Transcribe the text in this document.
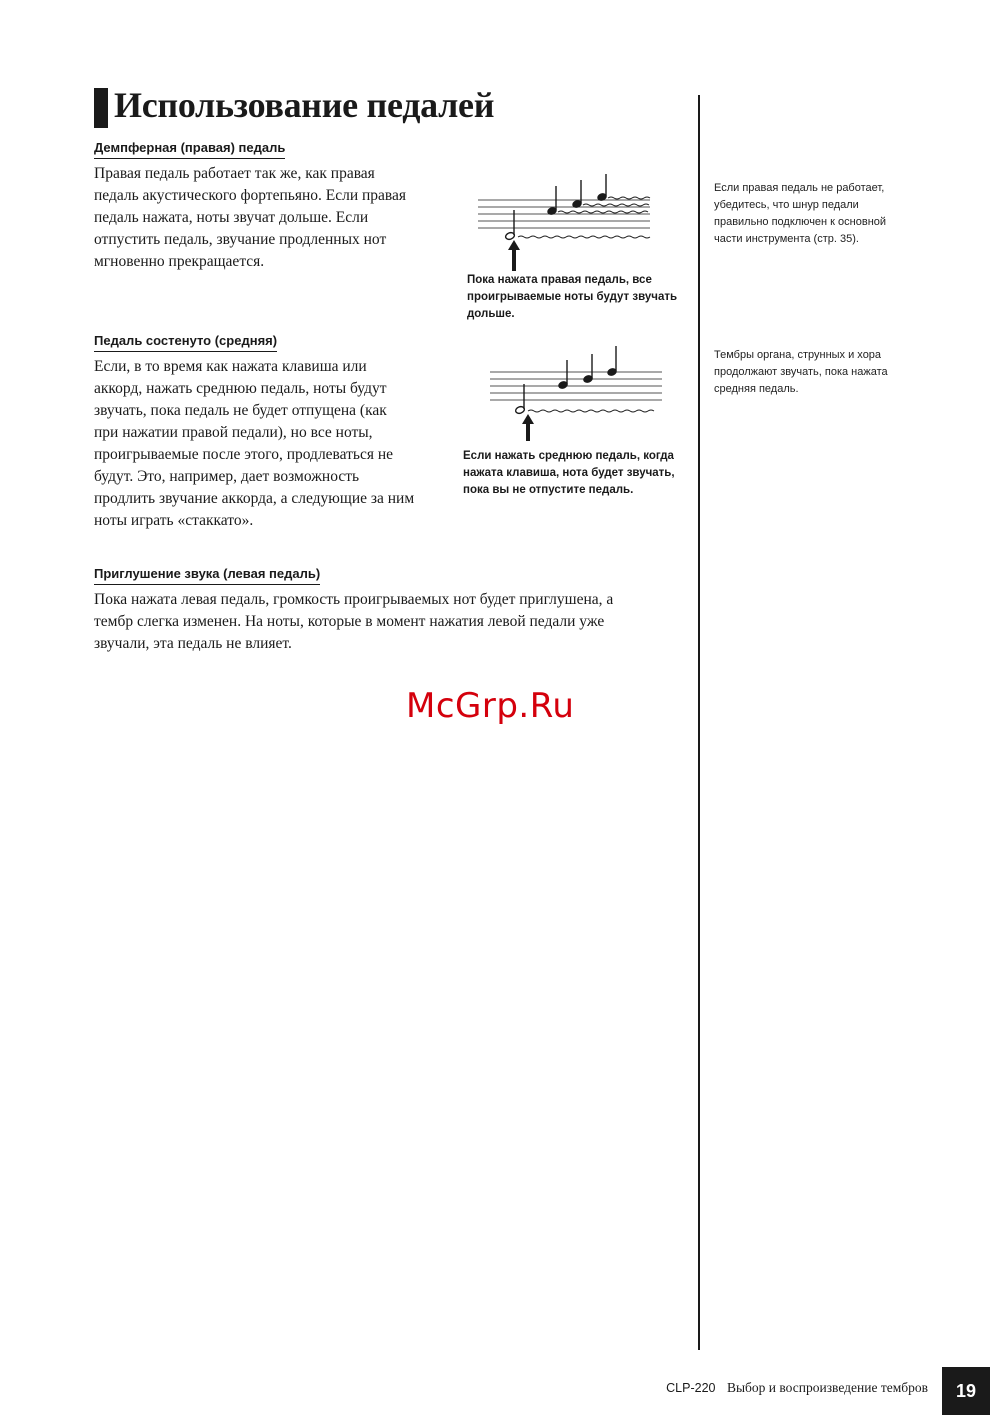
Использование педалей
Демпферная (правая) педаль
Правая педаль работает так же, как правая
педаль акустического фортепьяно. Если правая
педаль нажата, ноты звучат дольше. Если
отпустить педаль, звучание продленных нот
мгновенно прекращается.
Пока нажата правая педаль, все
проигрываемые ноты будут звучать
дольше.
Если правая педаль не работает,
убедитесь, что шнур педали
правильно подключен к основной
части инструмента (стр. 35).
Педаль состенуто (средняя)
Если, в то время как нажата клавиша или
аккорд, нажать среднюю педаль, ноты будут
звучать, пока педаль не будет отпущена (как
при нажатии правой педали), но все ноты,
проигрываемые после этого, продлеваться не
будут. Это, например, дает возможность
продлить звучание аккорда, а следующие за ним
ноты играть «стаккато».
Если нажать среднюю педаль, когда
нажата клавиша, нота будет звучать,
пока вы не отпустите педаль.
Тембры органа, струнных и хора
продолжают звучать, пока нажата
средняя педаль.
Приглушение звука (левая педаль)
Пока нажата левая педаль, громкость проигрываемых нот будет приглушена, а
тембр слегка изменен. На ноты, которые в момент нажатия левой педали уже
звучали, эта педаль не влияет.
McGrp.Ru
CLP-220 Выбор и воспроизведение тембров 19
